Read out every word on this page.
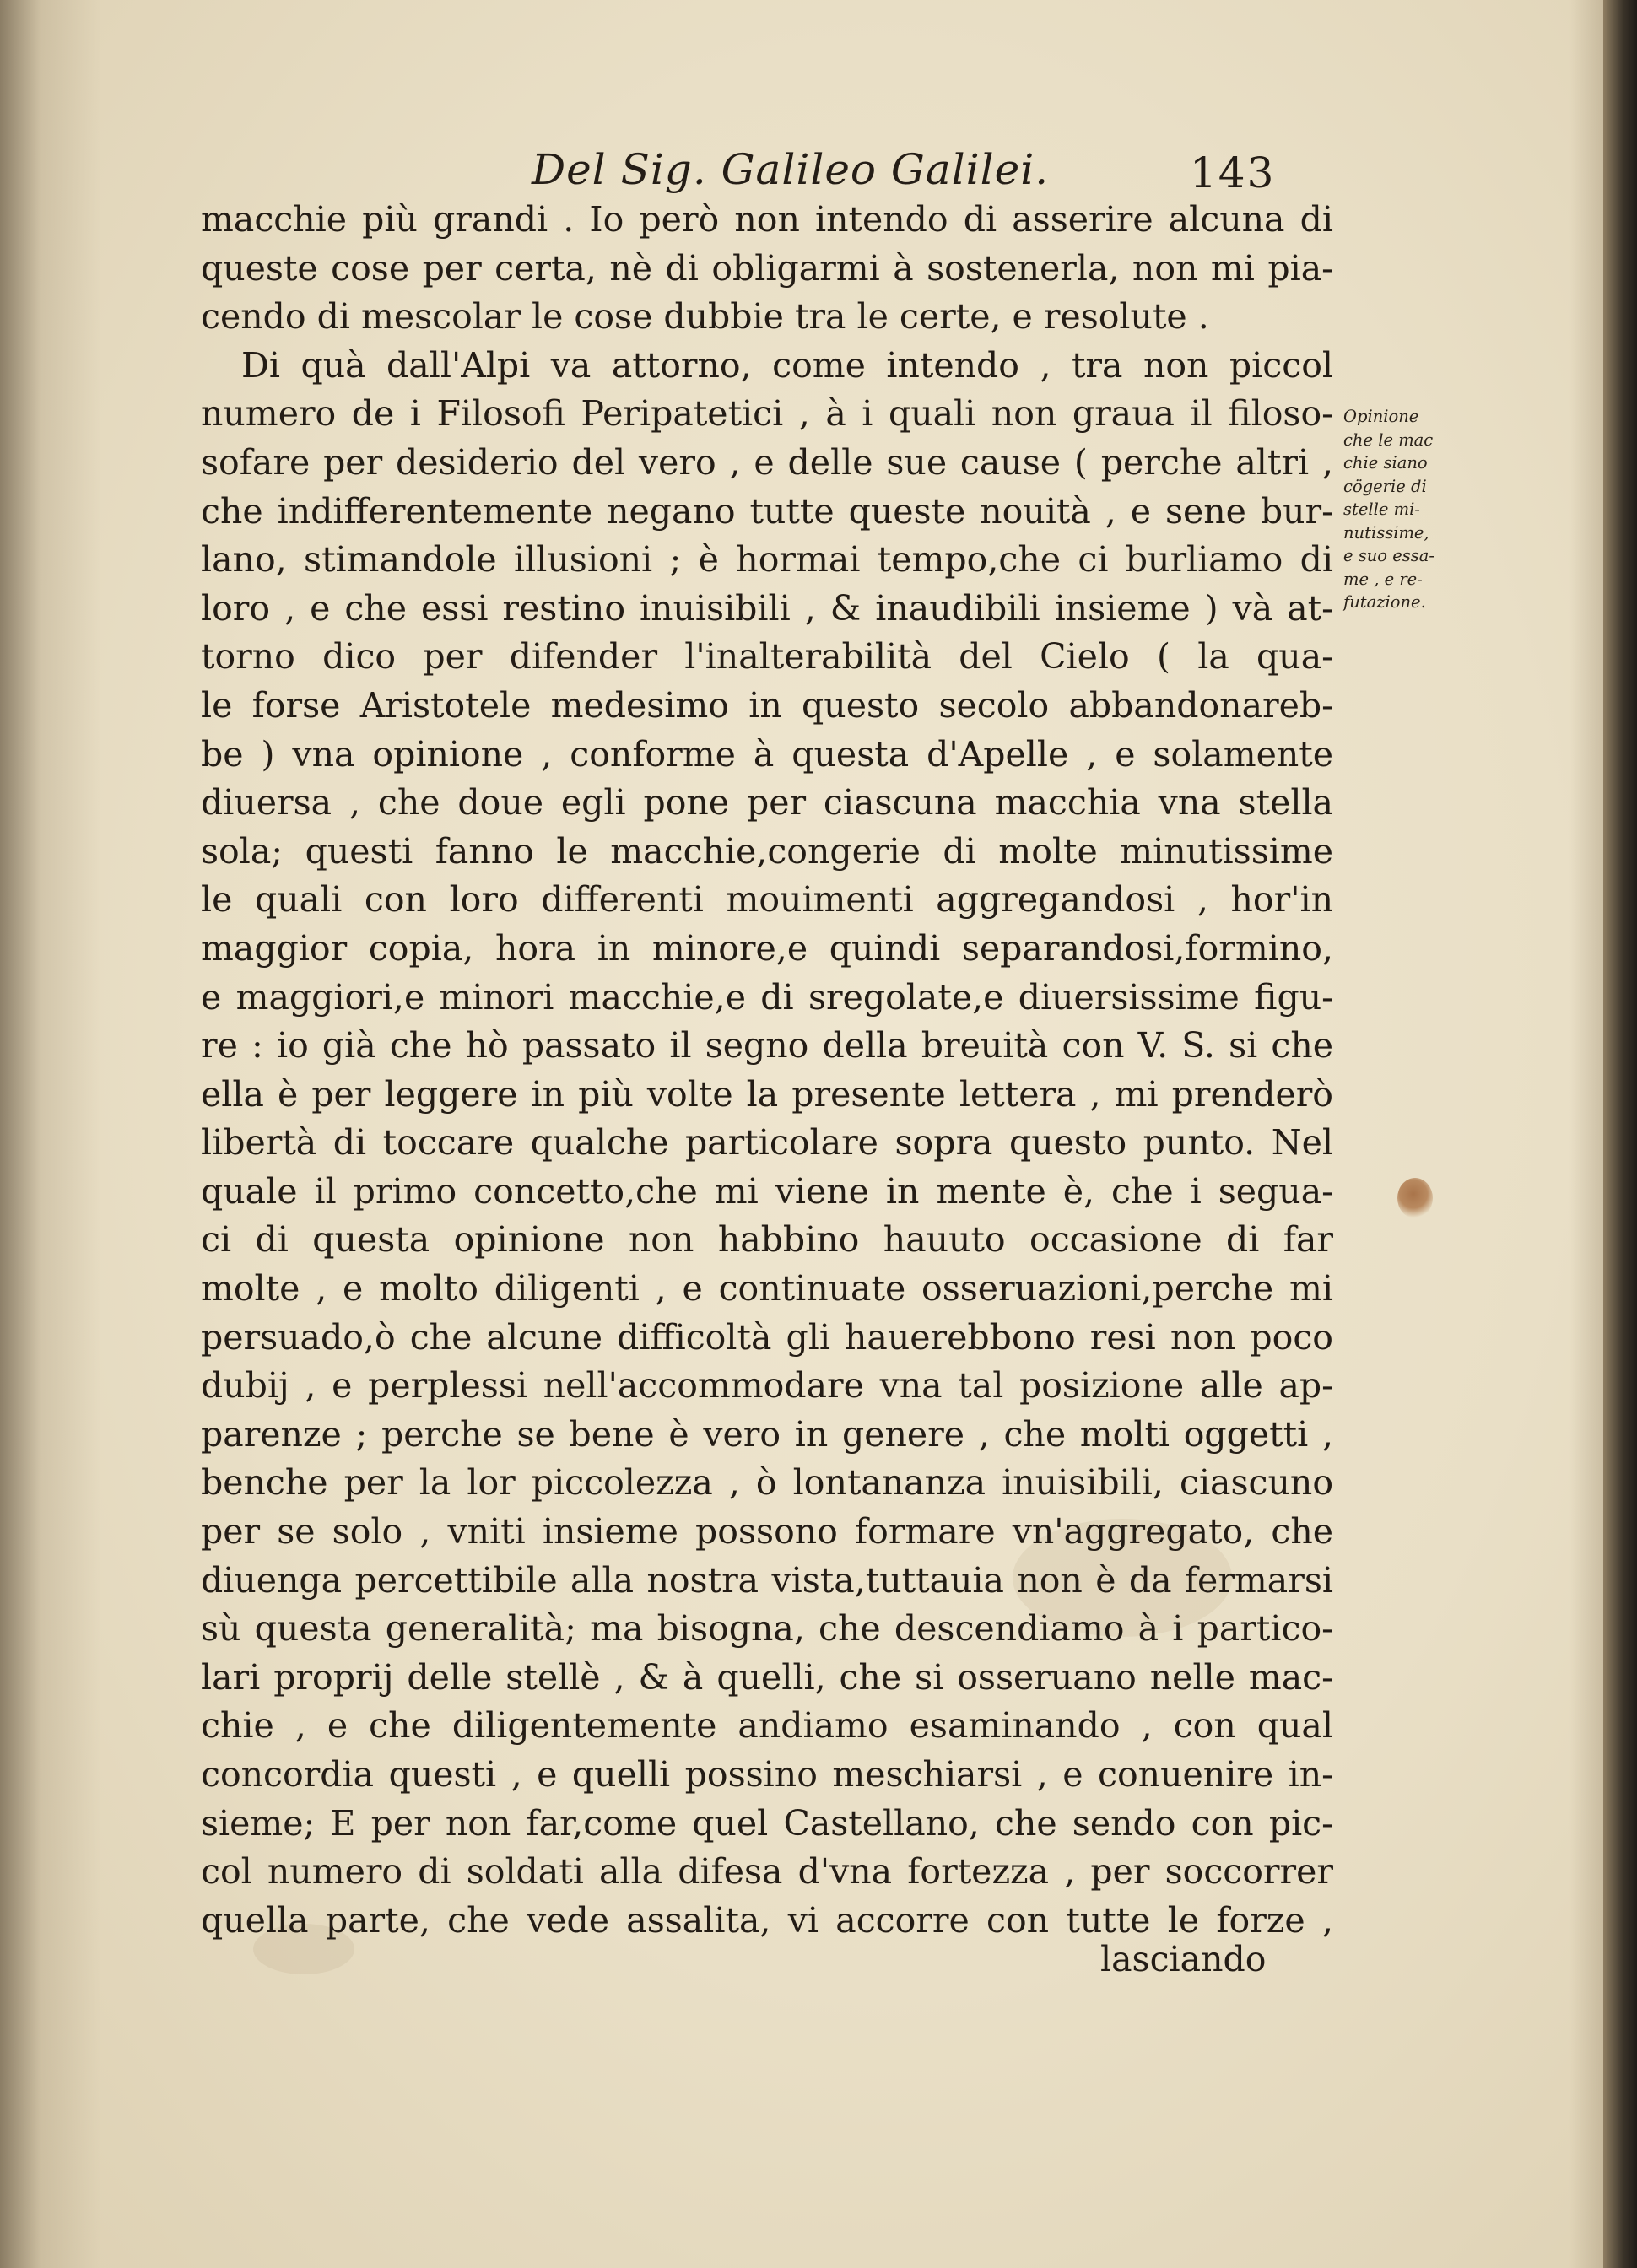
Del Sig. Galileo Galilei.	143
macchie più grandi . Io però non intendo di asserire alcuna di
queste cose per certa, nè di obligarmi à sostenerla, non mi pia-
cendo di mescolar le cose dubbie tra le certe, e resolute .
Di quà dall'Alpi va attorno, come intendo , tra non piccol
numero de i Filosofi Peripatetici , à i quali non graua il filoso-
sofare per desiderio del vero , e delle sue cause ( perche altri ,
che indifferentemente negano tutte queste nouità , e sene bur-
lano, stimandole illusioni ; è hormai tempo,che ci burliamo di
loro , e che essi restino inuisibili , & inaudibili insieme ) và at-
torno dico per difender l'inalterabilità del Cielo ( la qua-
le forse Aristotele medesimo in questo secolo abbandonareb-
be ) vna opinione , conforme à questa d'Apelle , e solamente
diuersa , che doue egli pone per ciascuna macchia vna stella
sola; questi fanno le macchie,congerie di molte minutissime
le quali con loro differenti mouimenti aggregandosi , hor'in
maggior copia, hora in minore,e quindi separandosi,formino,
e maggiori,e minori macchie,e di sregolate,e diuersissime figu-
re : io già che hò passato il segno della breuità con V. S. si che
ella è per leggere in più volte la presente lettera , mi prenderò
libertà di toccare qualche particolare sopra questo punto. Nel
quale il primo concetto,che mi viene in mente è, che i segua-
ci di questa opinione non habbino hauuto occasione di far
molte , e molto diligenti , e continuate osseruazioni,perche mi
persuado,ò che alcune difficoltà gli hauerebbono resi non poco
dubij , e perplessi nell'accommodare vna tal posizione alle ap-
parenze ; perche se bene è vero in genere , che molti oggetti ,
benche per la lor piccolezza , ò lontananza inuisibili, ciascuno
per se solo , vniti insieme possono formare vn'aggregato, che
diuenga percettibile alla nostra vista,tuttauia non è da fermarsi
sù questa generalità; ma bisogna, che descendiamo à i partico-
lari proprij delle stellè , & à quelli, che si osseruano nelle mac-
chie , e che diligentemente andiamo esaminando , con qual
concordia questi , e quelli possino meschiarsi , e conuenire in-
sieme; E per non far,come quel Castellano, che sendo con pic-
col numero di soldati alla difesa d'vna fortezza , per soccorrer
quella parte, che vede assalita, vi accorre con tutte le forze ,
lasciando
Opinione
che le mac
chie siano
cögerie di
stelle mi-
nutissime,
e suo essa-
me , e re-
futazione.
